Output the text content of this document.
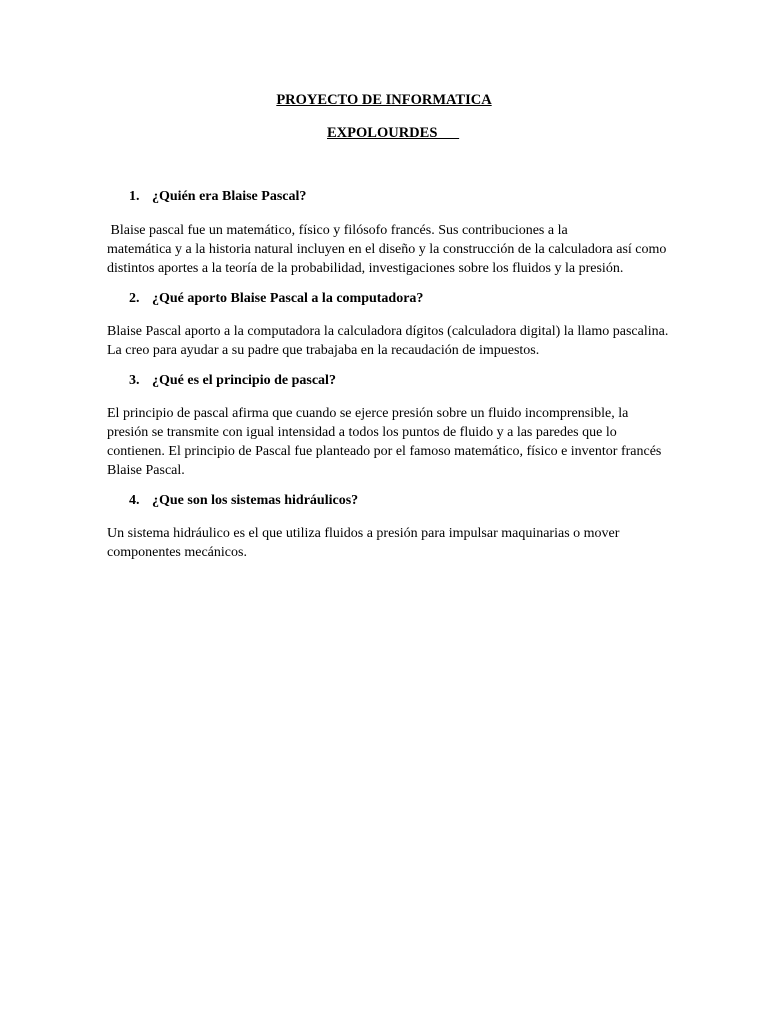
PROYECTO DE INFORMATICA
EXPOLOURDES
1. ¿Quién era Blaise Pascal?
Blaise pascal fue un matemático, físico y filósofo francés. Sus contribuciones a la
matemática y a la historia natural incluyen en el diseño y la construcción de la calculadora así como
distintos aportes a la teoría de la probabilidad, investigaciones sobre los fluidos y la presión.
2. ¿Qué aporto Blaise Pascal a la computadora?
Blaise Pascal aporto a la computadora la calculadora dígitos (calculadora digital) la llamo pascalina.
La creo para ayudar a su padre que trabajaba en la recaudación de impuestos.
3. ¿Qué es el principio de pascal?
El principio de pascal afirma que cuando se ejerce presión sobre un fluido incomprensible, la
presión se transmite con igual intensidad a todos los puntos de fluido y a las paredes que lo
contienen. El principio de Pascal fue planteado por el famoso matemático, físico e inventor francés
Blaise Pascal.
4. ¿Que son los sistemas hidráulicos?
Un sistema hidráulico es el que utiliza fluidos a presión para impulsar maquinarias o mover
componentes mecánicos.
